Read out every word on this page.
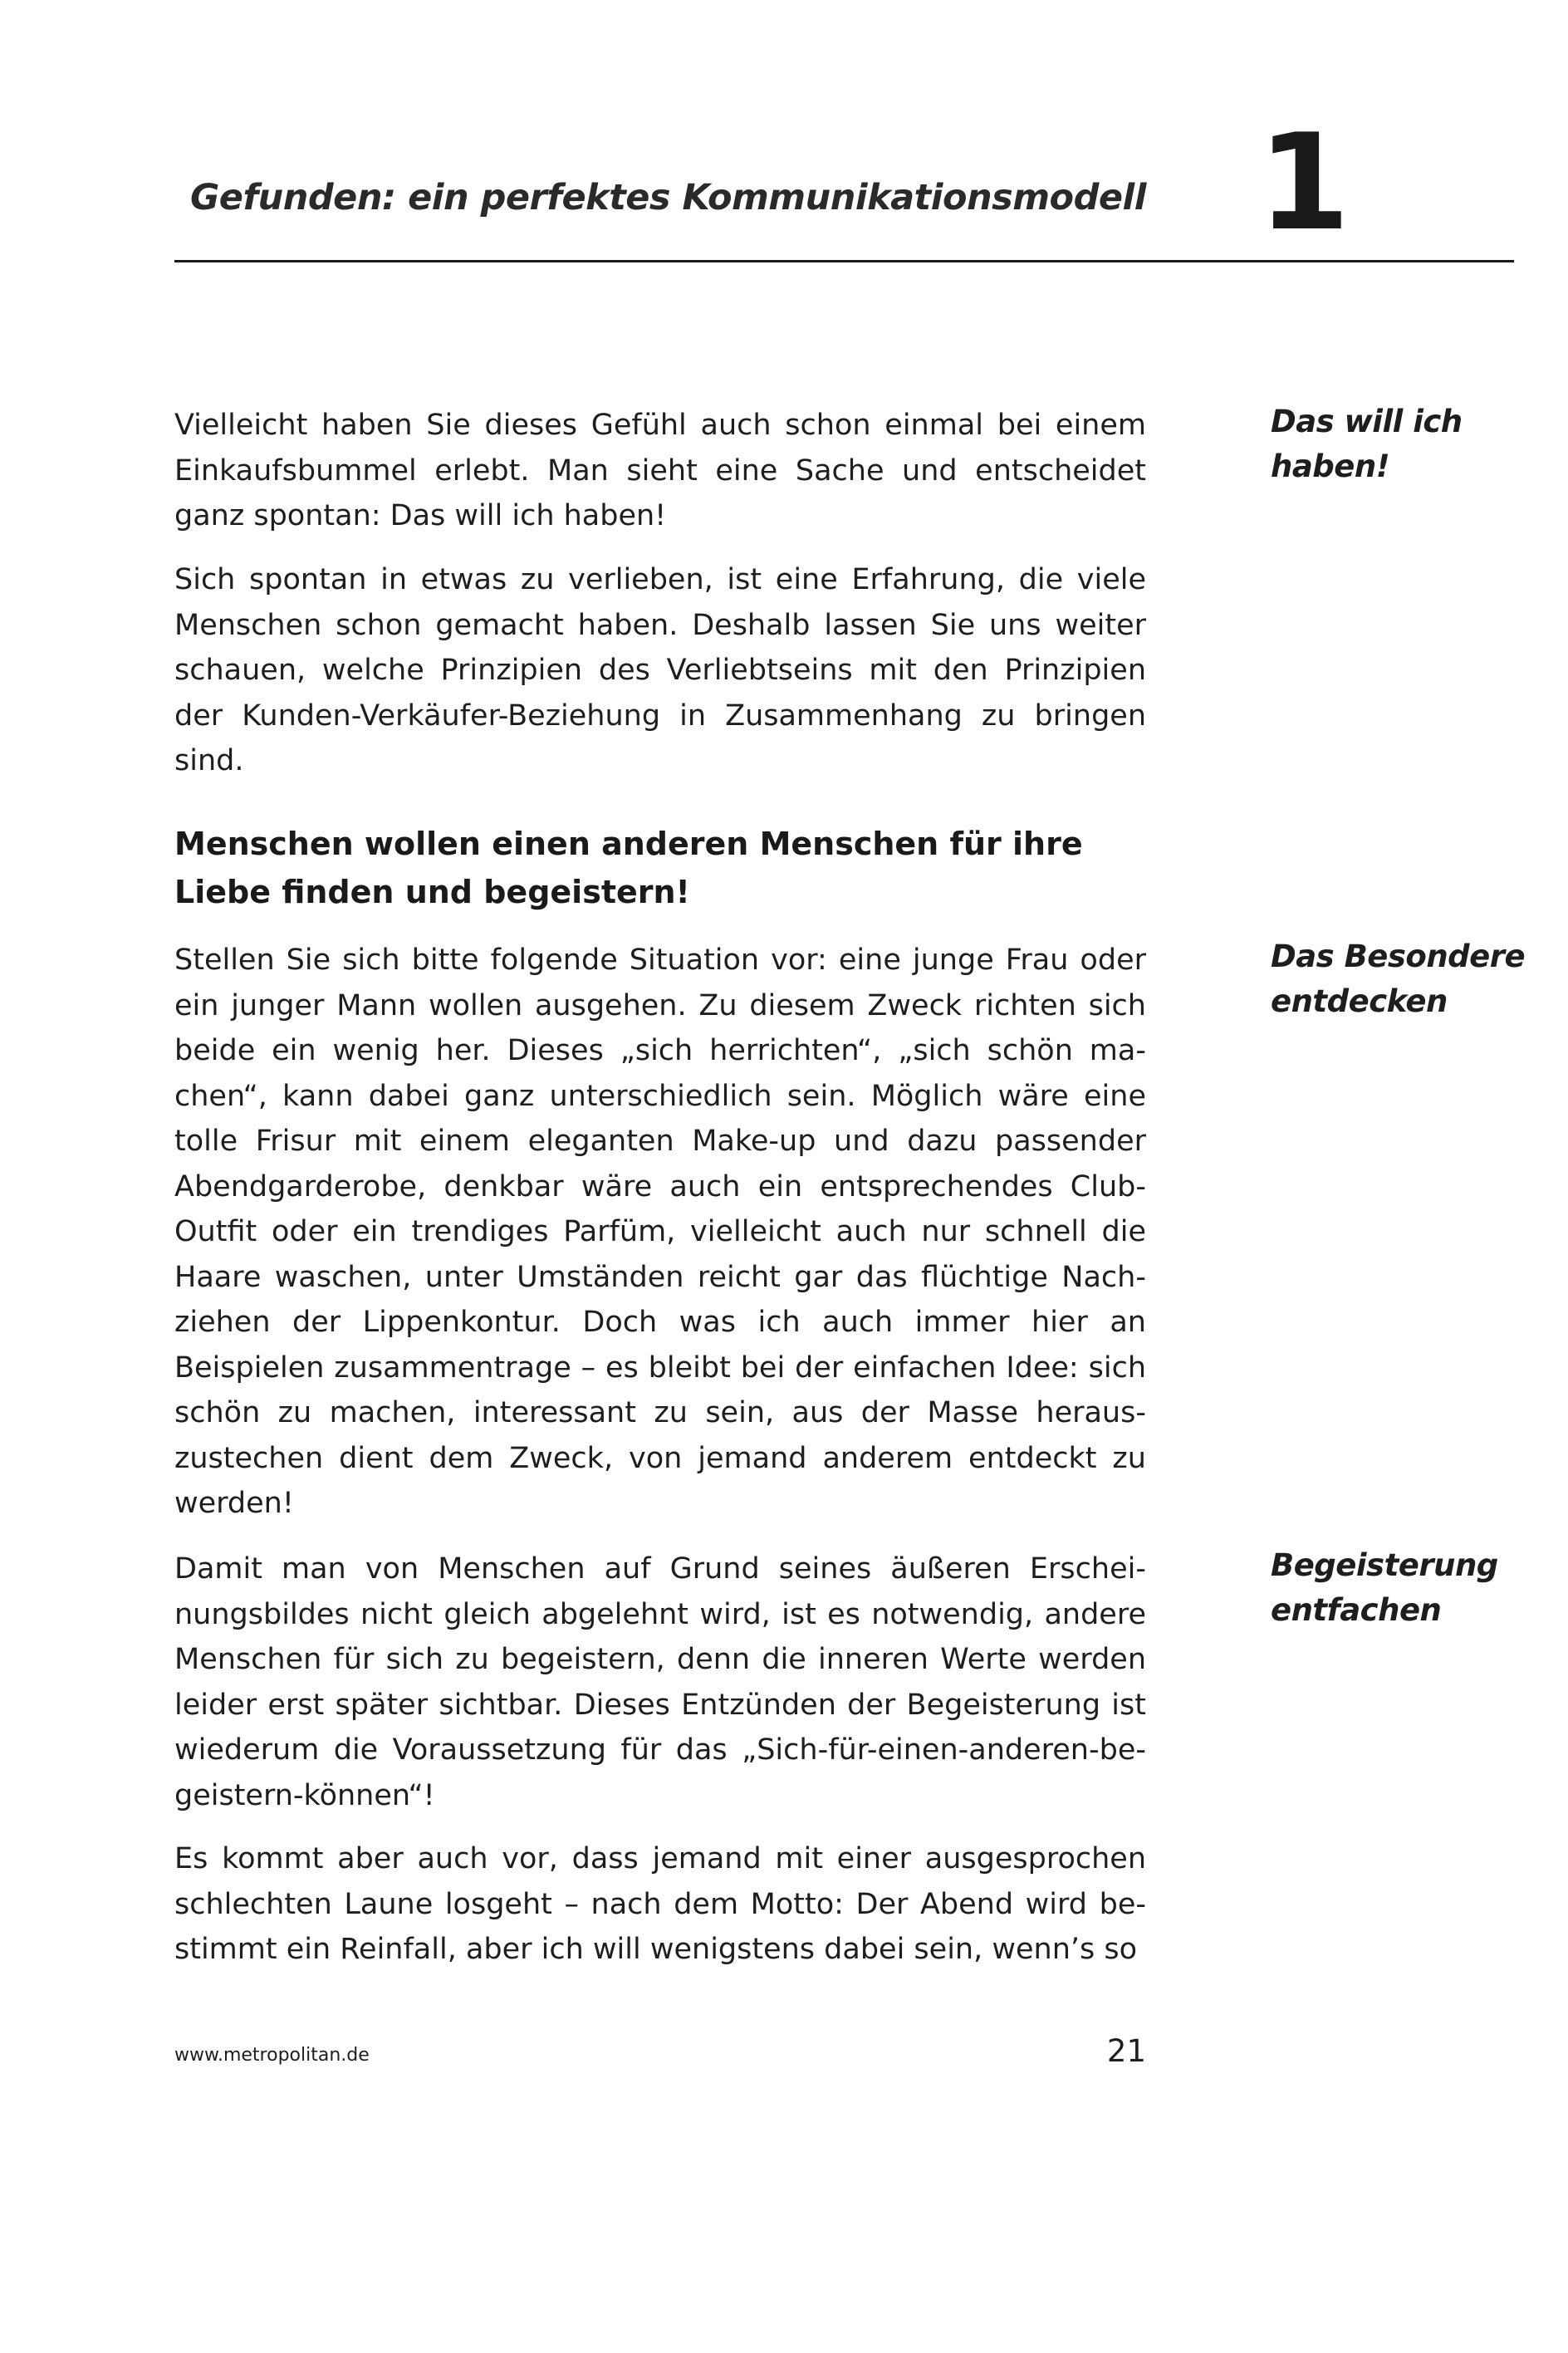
Gefunden: ein perfektes Kommunikationsmodell 1

Vielleicht haben Sie dieses Gefühl auch schon einmal bei einem Einkaufsbummel erlebt. Man sieht eine Sache und entscheidet ganz spontan: Das will ich haben!

Sich spontan in etwas zu verlieben, ist eine Erfahrung, die viele Menschen schon gemacht haben. Deshalb lassen Sie uns weiter schauen, welche Prinzipien des Verliebtseins mit den Prinzipien der Kunden-Verkäufer-Beziehung in Zusammenhang zu bringen sind.

Menschen wollen einen anderen Menschen für ihre

Liebe finden und begeistern!

Stellen Sie sich bitte folgende Situation vor: eine junge Frau oder ein junger Mann wollen ausgehen. Zu diesem Zweck richten sich beide ein wenig her. Dieses „sich herrichten“, „sich schön machen“, kann dabei ganz unterschiedlich sein. Möglich wäre eine tolle Frisur mit einem eleganten Make-up und dazu passender Abendgarderobe, denkbar wäre auch ein entsprechendes Club-Outfit oder ein trendiges Parfüm, vielleicht auch nur schnell die Haare waschen, unter Umständen reicht gar das flüchtige Nachziehen der Lippenkontur. Doch was ich auch immer hier an Beispielen zusammentrage – es bleibt bei der einfachen Idee: sich schön zu machen, interessant zu sein, aus der Masse herauszustechen dient dem Zweck, von jemand anderem entdeckt zu werden!

Damit man von Menschen auf Grund seines äußeren Erscheinungsbildes nicht gleich abgelehnt wird, ist es notwendig, andere Menschen für sich zu begeistern, denn die inneren Werte werden leider erst später sichtbar. Dieses Entzünden der Begeisterung ist wiederum die Voraussetzung für das „Sich-für-einen-anderen-begeistern-können“!

Es kommt aber auch vor, dass jemand mit einer ausgesprochen schlechten Laune losgeht – nach dem Motto: Der Abend wird bestimmt ein Reinfall, aber ich will wenigstens dabei sein, wenn’s so

Das will ich
haben!
Das Besondere
entdecken
Begeisterung
entfachen
www.metropolitan.de	21
